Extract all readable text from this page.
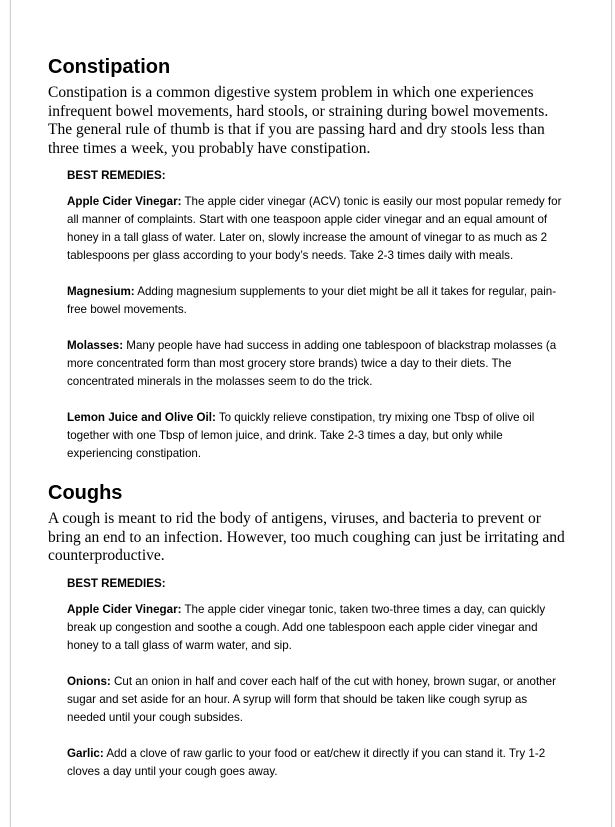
Constipation

Constipation is a common digestive system problem in which one experiences infrequent bowel movements, hard stools, or straining during bowel movements. The general rule of thumb is that if you are passing hard and dry stools less than three times a week, you probably have constipation.

BEST REMEDIES:

Apple Cider Vinegar: The apple cider vinegar (ACV) tonic is easily our most popular remedy for all manner of complaints. Start with one teaspoon apple cider vinegar and an equal amount of honey in a tall glass of water. Later on, slowly increase the amount of vinegar to as much as 2 tablespoons per glass according to your body’s needs. Take 2-3 times daily with meals.

Magnesium: Adding magnesium supplements to your diet might be all it takes for regular, pain-free bowel movements.

Molasses: Many people have had success in adding one tablespoon of blackstrap molasses (a more concentrated form than most grocery store brands) twice a day to their diets. The concentrated minerals in the molasses seem to do the trick.

Lemon Juice and Olive Oil: To quickly relieve constipation, try mixing one Tbsp of olive oil together with one Tbsp of lemon juice, and drink. Take 2-3 times a day, but only while experiencing constipation.

Coughs

A cough is meant to rid the body of antigens, viruses, and bacteria to prevent or bring an end to an infection. However, too much coughing can just be irritating and counterproductive.

BEST REMEDIES:

Apple Cider Vinegar: The apple cider vinegar tonic, taken two-three times a day, can quickly break up congestion and soothe a cough. Add one tablespoon each apple cider vinegar and honey to a tall glass of warm water, and sip.

Onions: Cut an onion in half and cover each half of the cut with honey, brown sugar, or another sugar and set aside for an hour. A syrup will form that should be taken like cough syrup as needed until your cough subsides.

Garlic: Add a clove of raw garlic to your food or eat/chew it directly if you can stand it. Try 1-2 cloves a day until your cough goes away.
